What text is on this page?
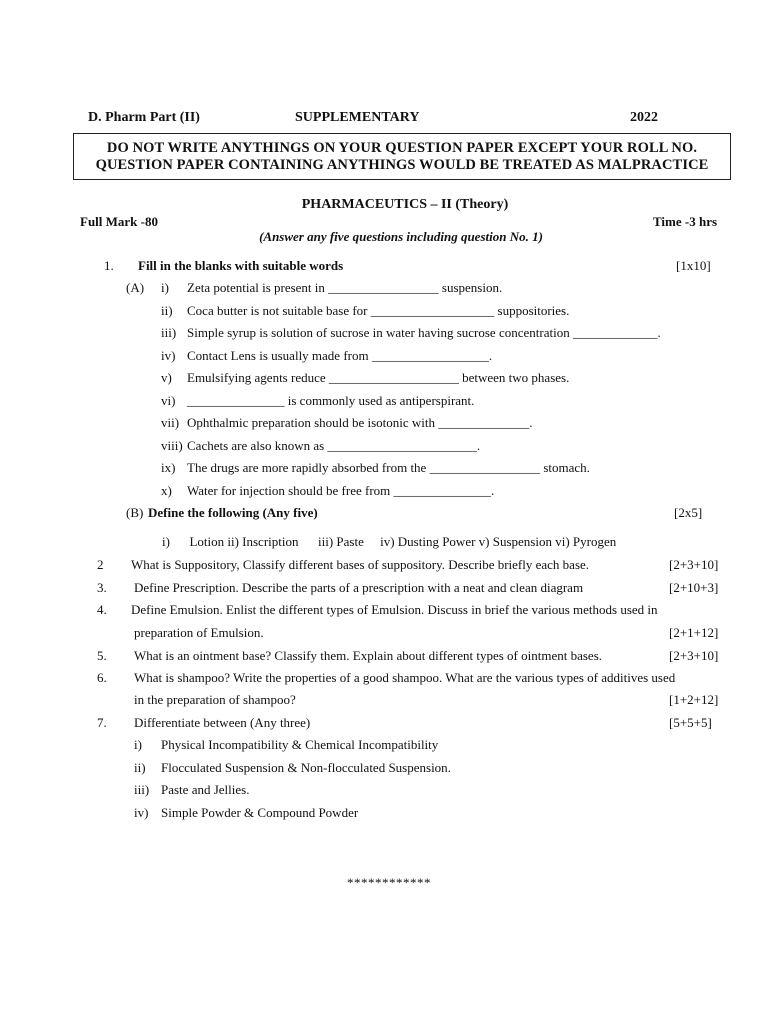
D. Pharm Part (II)	SUPPLEMENTARY	2022
DO NOT WRITE ANYTHINGS ON YOUR QUESTION PAPER EXCEPT YOUR ROLL NO.
QUESTION PAPER CONTAINING ANYTHINGS WOULD BE TREATED AS MALPRACTICE
PHARMACEUTICS – II (Theory)
Full Mark -80	Time -3 hrs
(Answer any five questions including question No. 1)
1. Fill in the blanks with suitable words	[1x10]
(A) i) Zeta potential is present in _________________ suspension.
ii) Coca butter is not suitable base for ___________________ suppositories.
iii) Simple syrup is solution of sucrose in water having sucrose concentration _____________.
iv) Contact Lens is usually made from __________________.
v) Emulsifying agents reduce ____________________ between two phases.
vi) _______________ is commonly used as antiperspirant.
vii) Ophthalmic preparation should be isotonic with ______________.
viii) Cachets are also known as _______________________.
ix) The drugs are more rapidly absorbed from the _________________ stomach.
x) Water for injection should be free from _______________.
(B) Define the following (Any five)	[2x5]
i)      Lotion ii) Inscription      iii) Paste     iv) Dusting Power v) Suspension vi) Pyrogen
2 What is Suppository, Classify different bases of suppository. Describe briefly each base.	[2+3+10]
3. Define Prescription. Describe the parts of a prescription with a neat and clean diagram	[2+10+3]
4. Define Emulsion. Enlist the different types of Emulsion. Discuss in brief the various methods used in
preparation of Emulsion.	[2+1+12]
5. What is an ointment base? Classify them. Explain about different types of ointment bases.	[2+3+10]
6. What is shampoo? Write the properties of a good shampoo. What are the various types of additives used
in the preparation of shampoo?	[1+2+12]
7. Differentiate between (Any three)	[5+5+5]
i) Physical Incompatibility & Chemical Incompatibility
ii) Flocculated Suspension & Non-flocculated Suspension.
iii) Paste and Jellies.
iv) Simple Powder & Compound Powder
************
